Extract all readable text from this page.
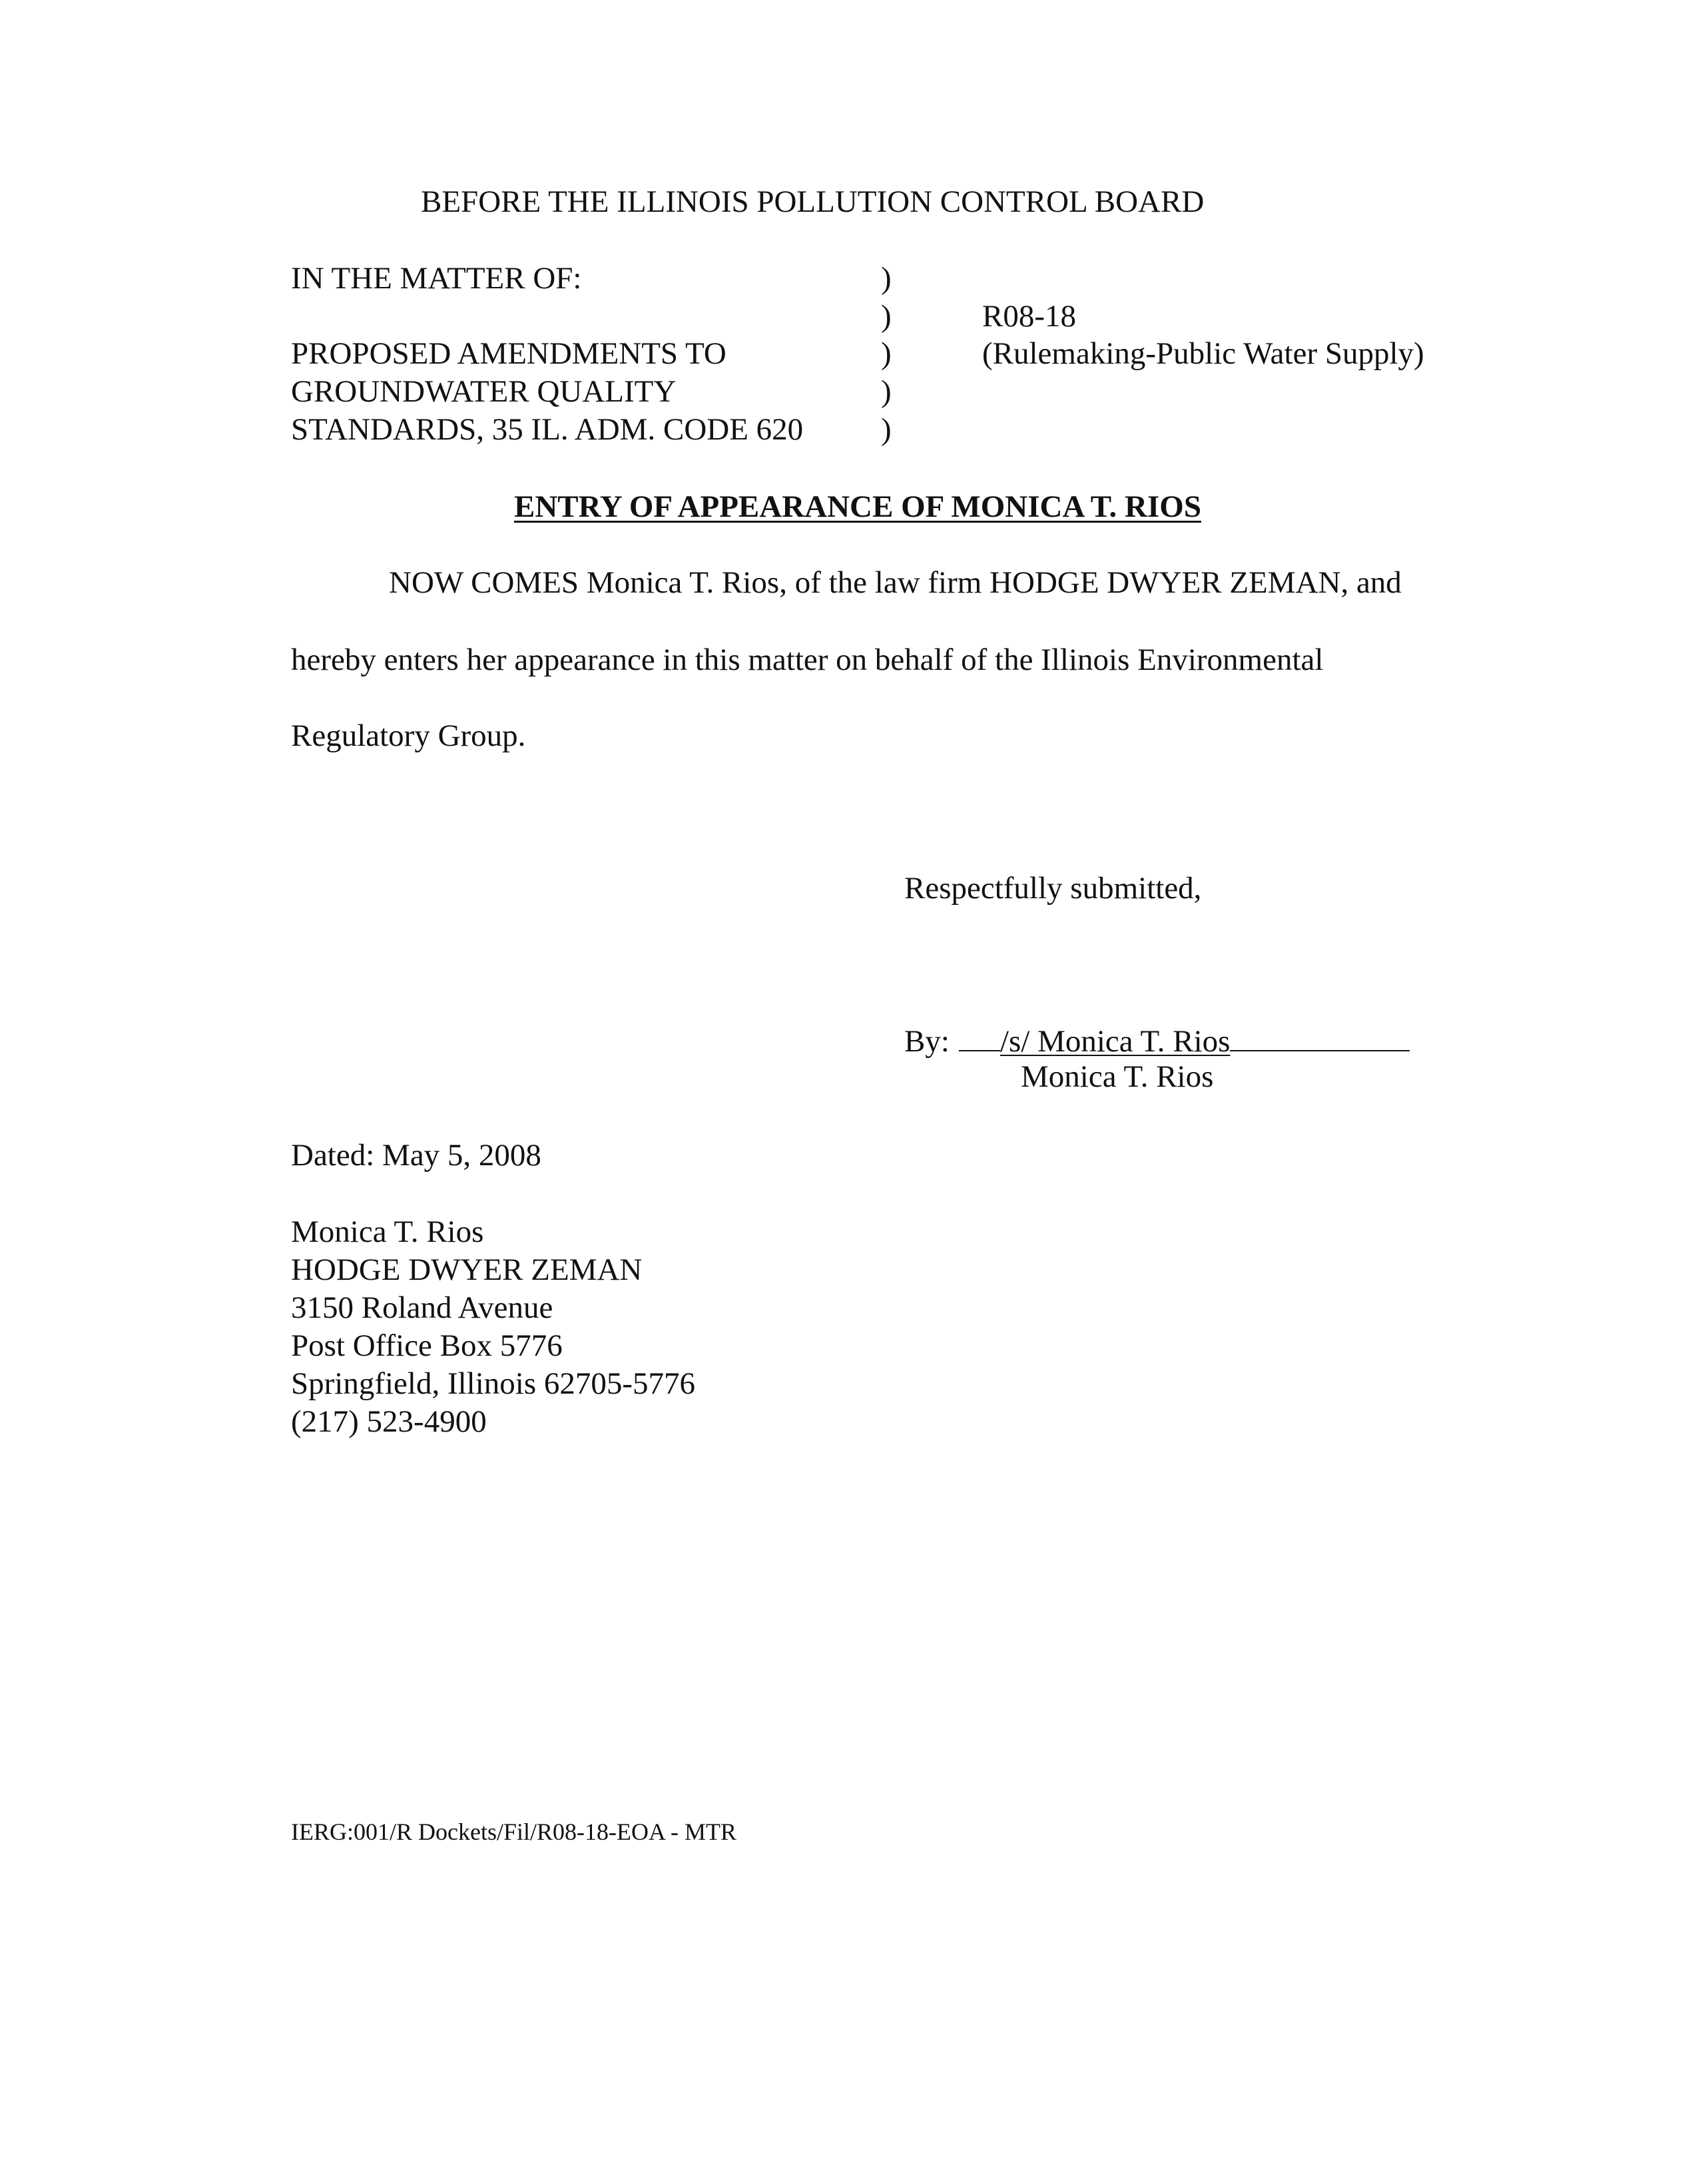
BEFORE THE ILLINOIS POLLUTION CONTROL BOARD
IN THE MATTER OF:
PROPOSED AMENDMENTS TO
GROUNDWATER QUALITY
STANDARDS, 35 IL. ADM. CODE 620
)
)
)
)
)
R08-18
(Rulemaking-Public Water Supply)
ENTRY OF APPEARANCE OF MONICA T. RIOS
NOW COMES Monica T. Rios, of the law firm HODGE DWYER ZEMAN, and
hereby enters her appearance in this matter on behalf of the Illinois Environmental
Regulatory Group.
Respectfully submitted,
By: /s/ Monica T. Rios
Monica T. Rios
Dated: May 5, 2008
Monica T. Rios
HODGE DWYER ZEMAN
3150 Roland Avenue
Post Office Box 5776
Springfield, Illinois 62705-5776
(217) 523-4900
IERG:001/R Dockets/Fil/R08-18-EOA - MTR
